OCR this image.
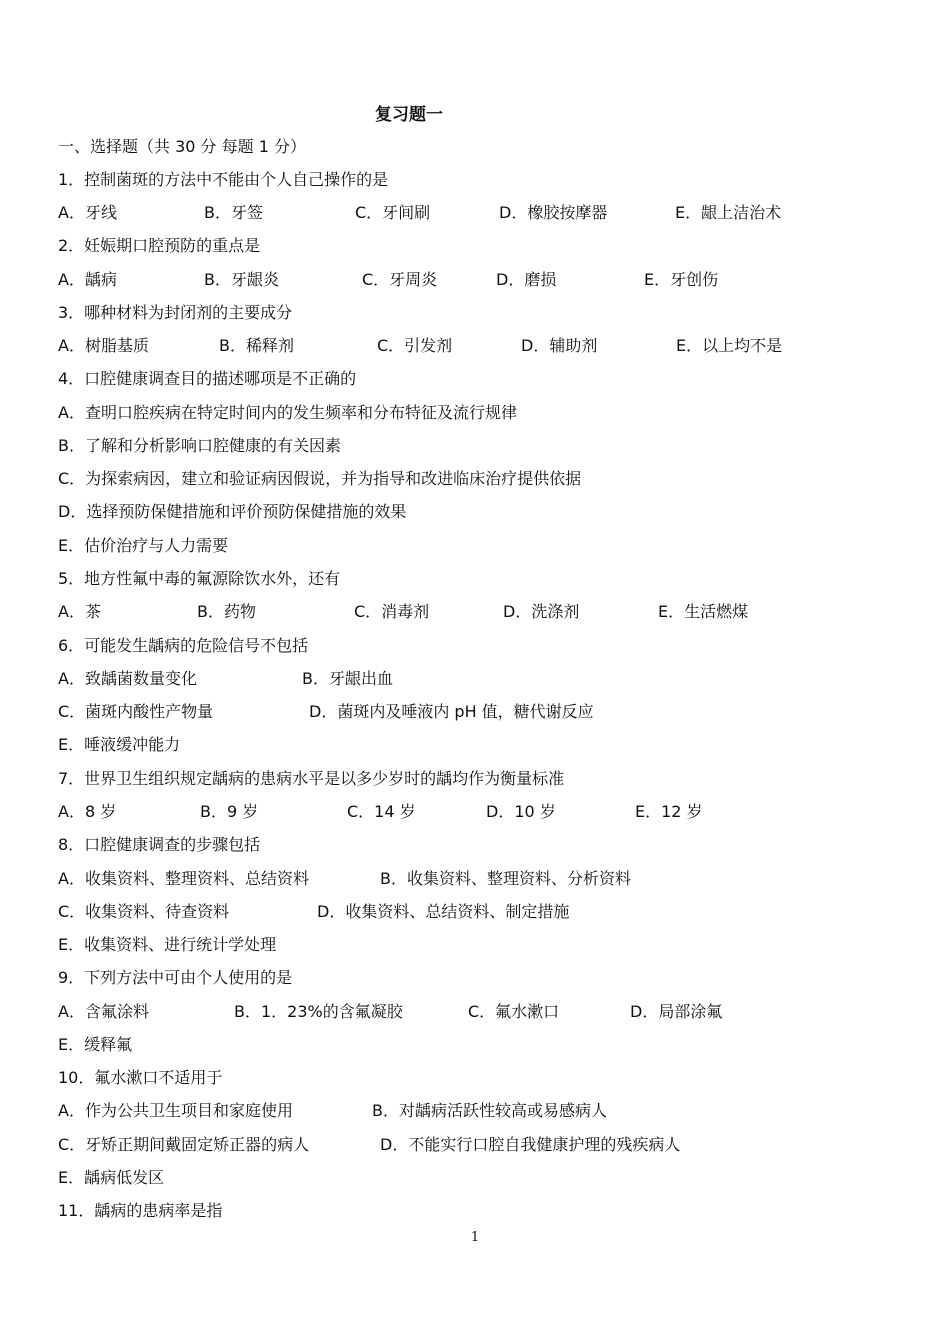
复习题一
一、选择题（共 30 分 每题 1 分）
1．控制菌斑的方法中不能由个人自己操作的是
A．牙线	B．牙签	C．牙间刷	D．橡胶按摩器	E．龈上洁治术
2．妊娠期口腔预防的重点是
A．龋病	B．牙龈炎	C．牙周炎	D．磨损	E．牙创伤
3．哪种材料为封闭剂的主要成分
A．树脂基质	B．稀释剂	C．引发剂	D．辅助剂	E．以上均不是
4．口腔健康调查目的描述哪项是不正确的
A．查明口腔疾病在特定时间内的发生频率和分布特征及流行规律
B．了解和分析影响口腔健康的有关因素
C．为探索病因，建立和验证病因假说，并为指导和改进临床治疗提供依据
D．选择预防保健措施和评价预防保健措施的效果
E．估价治疗与人力需要
5．地方性氟中毒的氟源除饮水外，还有
A．茶	B．药物	C．消毒剂	D．洗涤剂	E．生活燃煤
6．可能发生龋病的危险信号不包括
A．致龋菌数量变化	B．牙龈出血
C．菌斑内酸性产物量	D．菌斑内及唾液内 pH 值，糖代谢反应
E．唾液缓冲能力
7．世界卫生组织规定龋病的患病水平是以多少岁时的龋均作为衡量标准
A．8 岁	B．9 岁	C．14 岁	D．10 岁	E．12 岁
8．口腔健康调查的步骤包括
A．收集资料、整理资料、总结资料	B．收集资料、整理资料、分析资料
C．收集资料、待查资料	D．收集资料、总结资料、制定措施
E．收集资料、进行统计学处理
9．下列方法中可由个人使用的是
A．含氟涂料	B．1．23%的含氟凝胶	C．氟水漱口	D．局部涂氟
E．缓释氟
10．氟水漱口不适用于
A．作为公共卫生项目和家庭使用	B．对龋病活跃性较高或易感病人
C．牙矫正期间戴固定矫正器的病人	D．不能实行口腔自我健康护理的残疾病人
E．龋病低发区
11．龋病的患病率是指
1
